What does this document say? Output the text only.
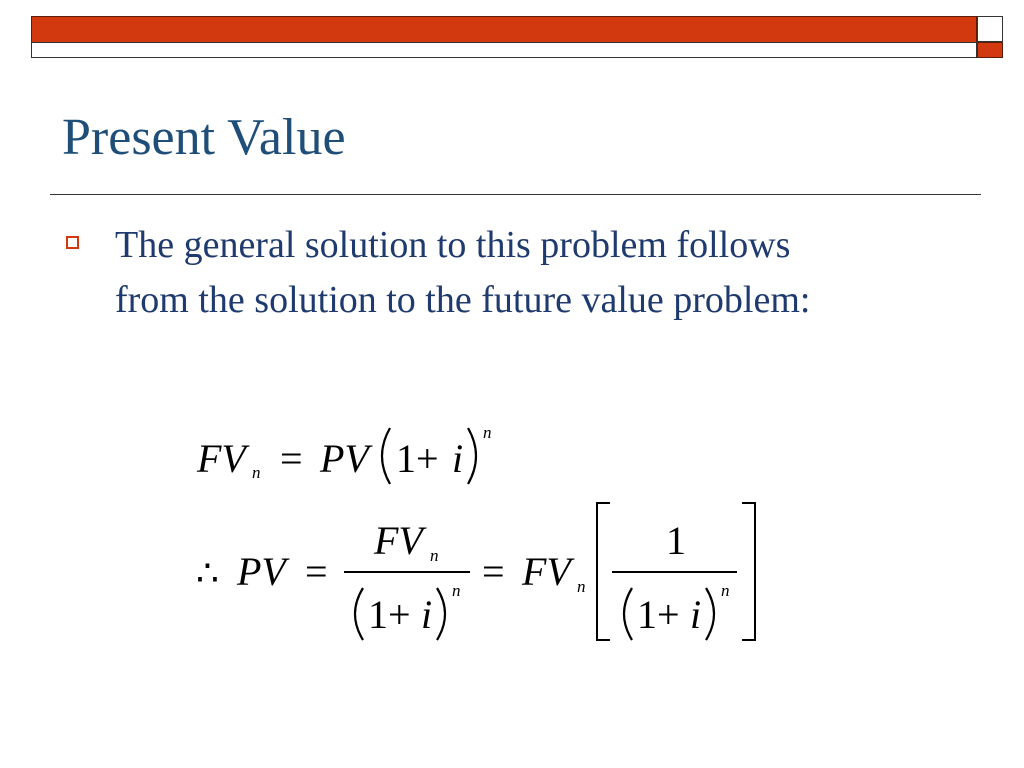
Present Value

The general solution to this problem follows
from the solution to the future value problem:

FV n = PV 1+ i
n
∴ PV =
FV n
1+ i
n = FV n
1
1+ i
n
